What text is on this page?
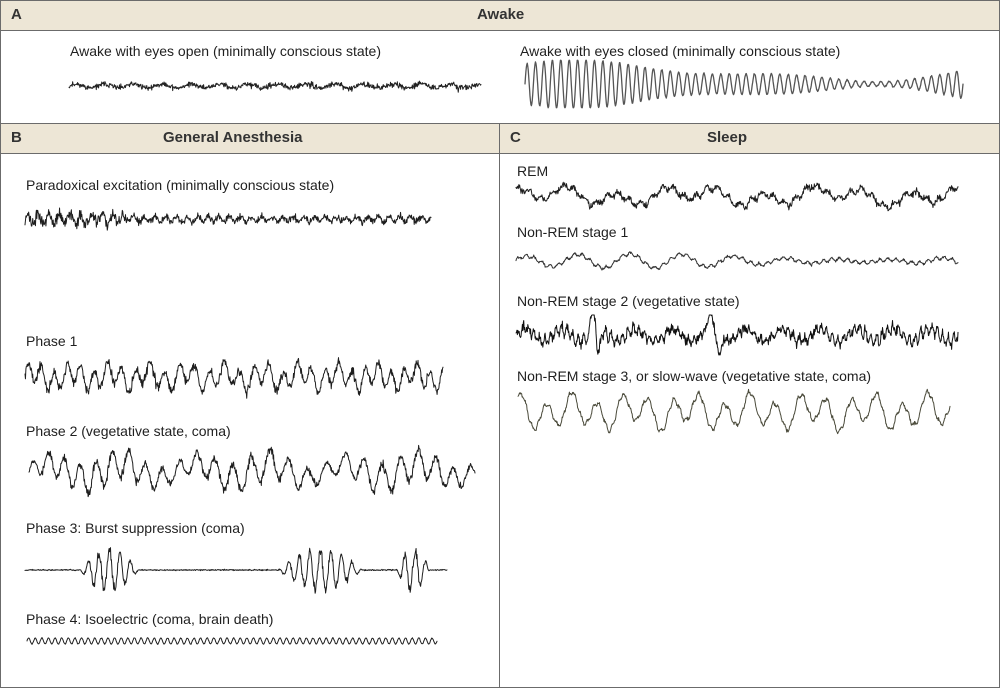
A	Awake
Awake with eyes open (minimally conscious state)	Awake with eyes closed (minimally conscious state)
B	General Anesthesia
Paradoxical excitation (minimally conscious state)
Phase 1
Phase 2 (vegetative state, coma)
Phase 3: Burst suppression (coma)
Phase 4: Isoelectric (coma, brain death)
C	Sleep
REM
Non-REM stage 1
Non-REM stage 2 (vegetative state)
Non-REM stage 3, or slow-wave (vegetative state, coma)
